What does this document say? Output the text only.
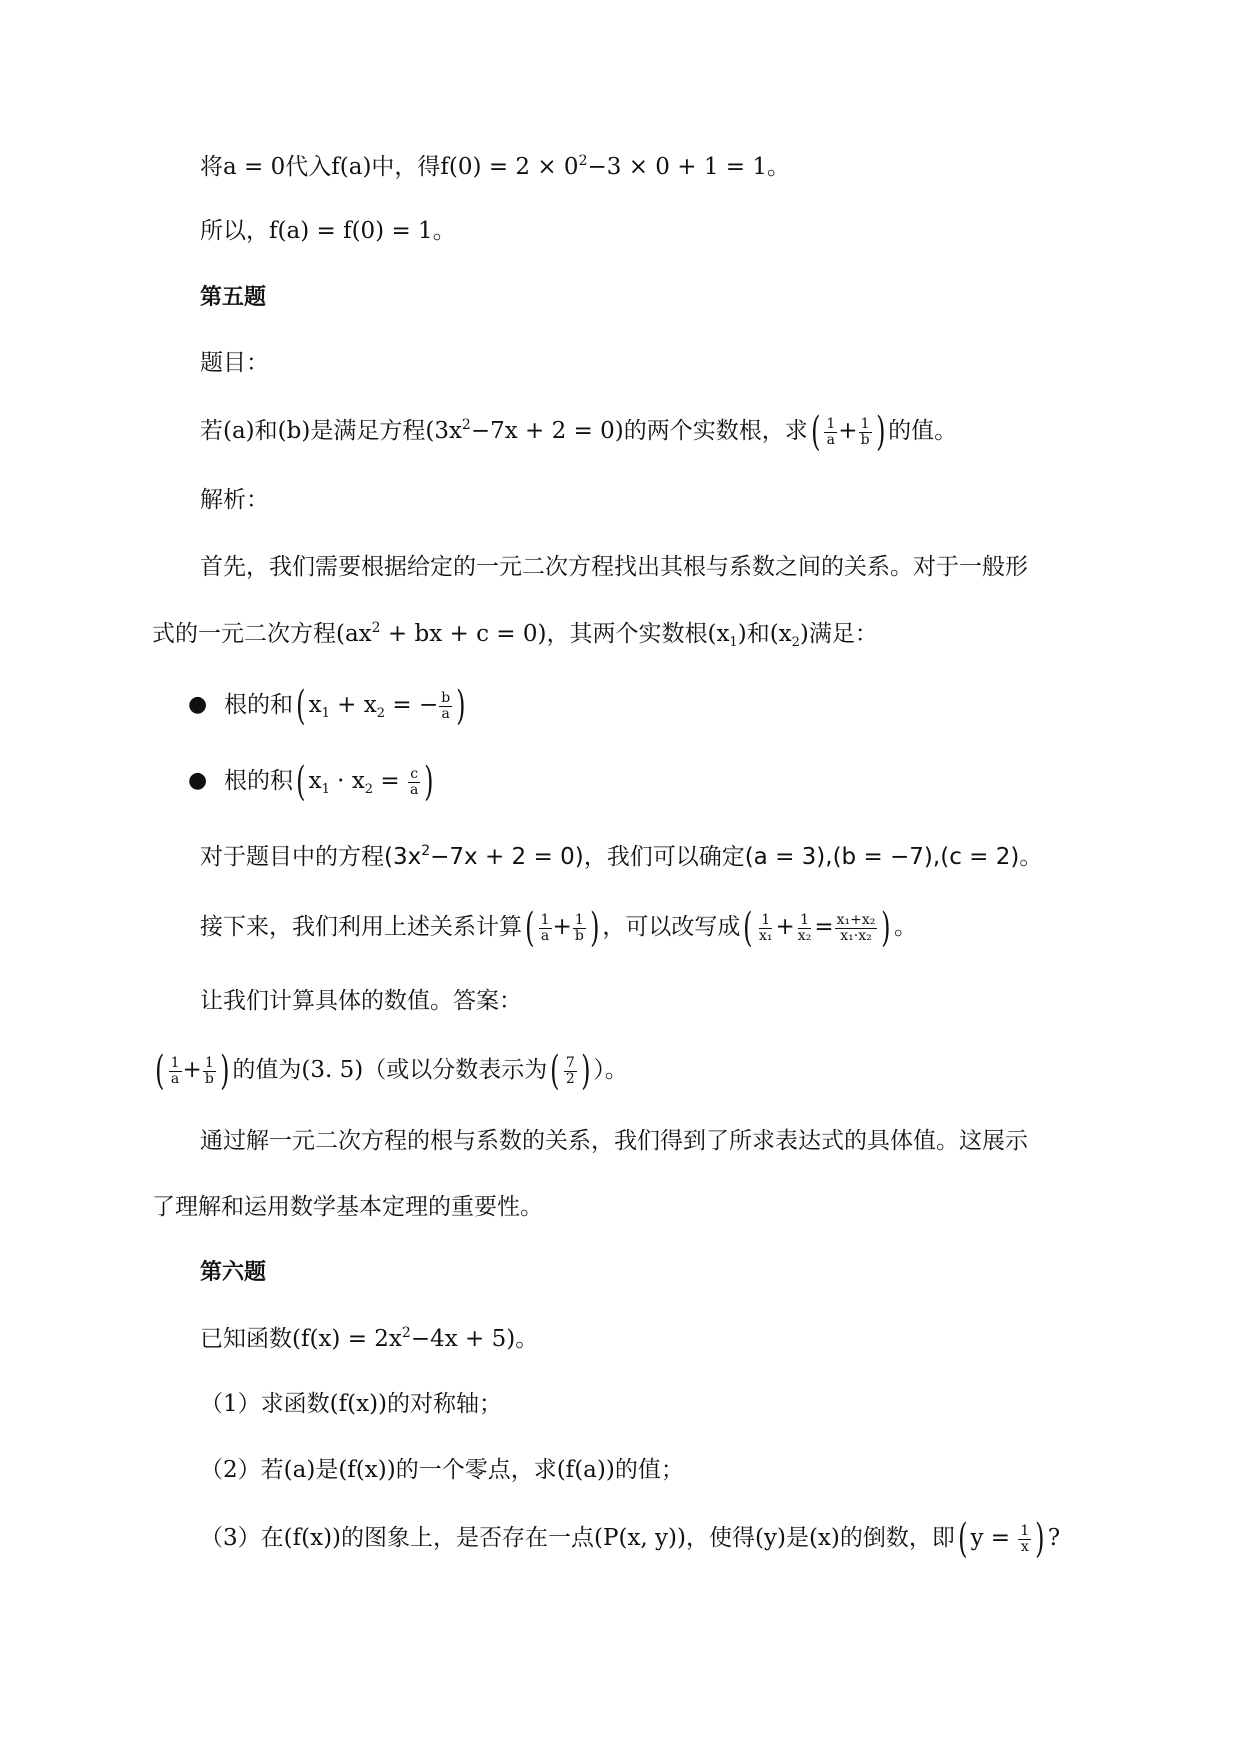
将a = 0代入f(a)中，得$f(0) = 2 \times 0^2-3 \times 0 + 1 = 1$。
所以，f(a) = f(0) = 1。
第五题
题目：
若(a)和(b)是满足方程$(3x^2-7x + 2 = 0)$的两个实数根，求( $\frac{1}{a} + \frac{1}{b}$ ) 的值。
解析：
首先，我们需要根据给定的一元二次方程找出其根与系数之间的关系。对于一般形
式的一元二次方程($ax^2$ + bx + c = 0)，其两个实数根$(x_1)$和$(x_2)$满足：
● 根的和( $x_1 + x_2$ = − $\frac{b}{a}$ )
● 根的积( $x_1 \cdot x_2 = \frac{c}{a}$ )
对于题目中的方程$(3x^2-7x + 2 = 0)$，我们可以确定(a = 3),(b = −7),(c = 2)。
接下来，我们利用上述关系计算( $\frac{1}{a} + \frac{1}{b}$ ) ，可以改写成( $\frac{1}{\text{x₁}} + \frac{1}{\text{x₂}} = \frac{\text{x₁+x₂}}{\text{x₁·x₂}}$ ) 。
让我们计算具体的数值。答案：
( $\frac{1}{a} + \frac{1}{b}$ ) 的值为(3. 5)（或以分数表示为( $\frac{7}{2}$ ) ）。
通过解一元二次方程的根与系数的关系，我们得到了所求表达式的具体值。这展示
了理解和运用数学基本定理的重要性。
第六题
已知函数$(f(x) = 2x^2-4x + 5)$。
（1）求函数(f(x))的对称轴；
（2）若(a)是(f(x))的一个零点，求(f(a))的值；
（3）在(f(x))的图象上，是否存在一点(P(x, y))，使得(y)是(x)的倒数，即( $y = \frac{1}{x}$ ) ?
